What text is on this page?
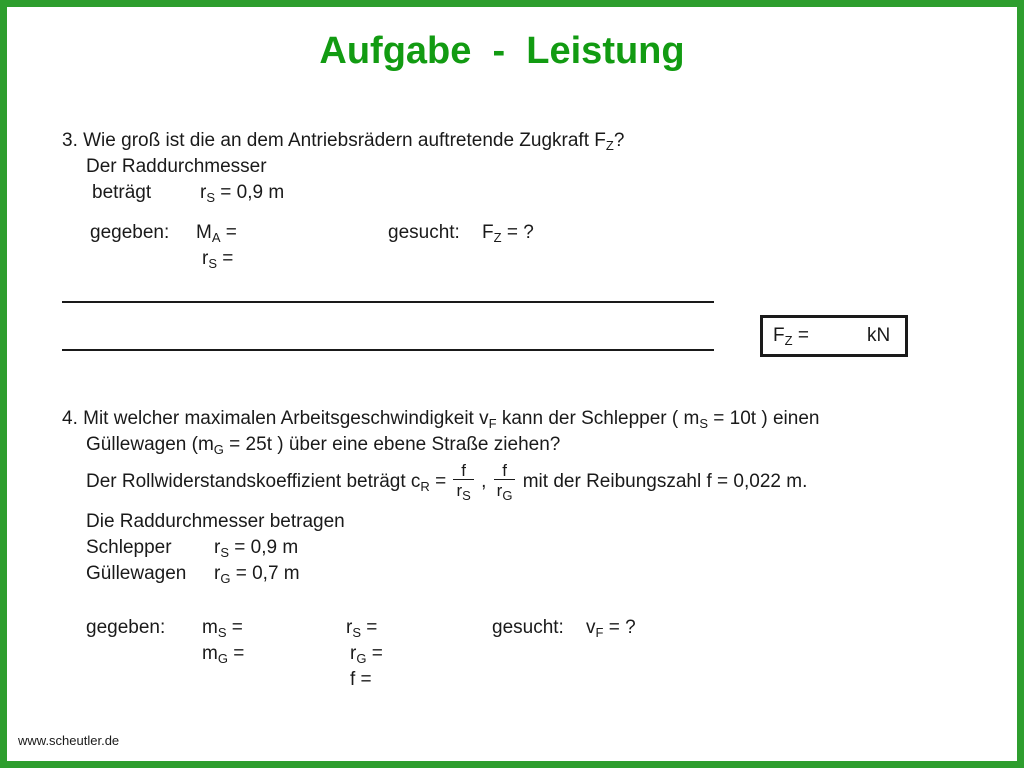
Aufgabe  -  Leistung
3. Wie groß ist die an dem Antriebsrädern auftretende Zugkraft $F_Z$?
Der Raddurchmesser
beträgt	$r_S = 0,9$ m
gegeben: $M_A$ =
$r_S$ =
gesucht: $F_Z$ = ?
$F_Z$ =	kN
4. Mit welcher maximalen Arbeitsgeschwindigkeit $v_F$ kann der Schlepper ( $m_S = 10t$ ) einen
Güllewagen ($m_G = 25t$ ) über eine ebene Straße ziehen?
Der Rollwiderstandskoeffizient beträgt $c_R = \frac{f}{r_S}$ , $\frac{f}{r_G}$ mit der Reibungszahl f = 0,022 m.
Die Raddurchmesser betragen
Schlepper $r_S = 0,9$ m
Güllewagen $r_G = 0,7$ m
gegeben: $m_S$ =
$m_G$ =
$r_S$ =
$r_G$ =
f =
gesucht: $v_F$ = ?
www.scheutler.de
